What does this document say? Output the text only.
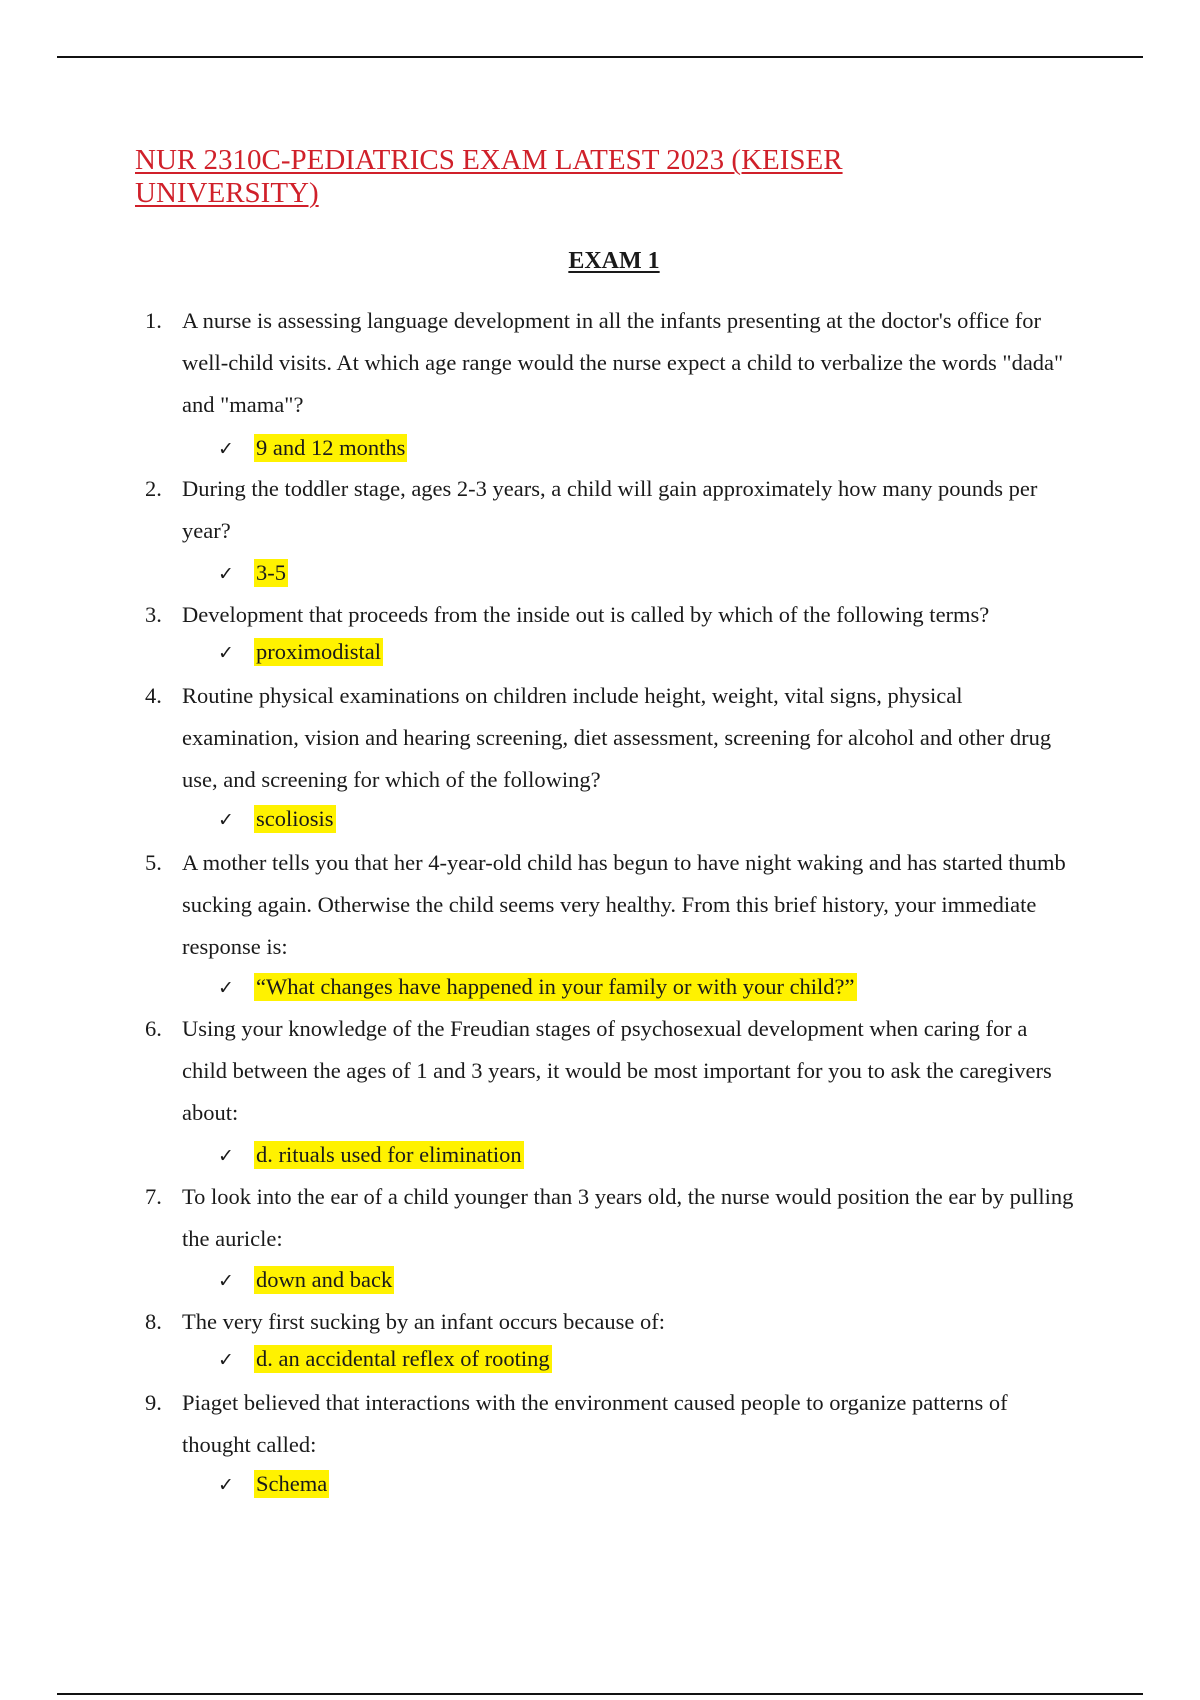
NUR 2310C-PEDIATRICS EXAM LATEST 2023 (KEISER UNIVERSITY)
EXAM 1
1. A nurse is assessing language development in all the infants presenting at the doctor's office for well-child visits. At which age range would the nurse expect a child to verbalize the words "dada" and "mama"?
✓ 9 and 12 months
2. During the toddler stage, ages 2-3 years, a child will gain approximately how many pounds per year?
✓ 3-5
3. Development that proceeds from the inside out is called by which of the following terms?
✓ proximodistal
4. Routine physical examinations on children include height, weight, vital signs, physical examination, vision and hearing screening, diet assessment, screening for alcohol and other drug use, and screening for which of the following?
✓ scoliosis
5. A mother tells you that her 4-year-old child has begun to have night waking and has started thumb sucking again. Otherwise the child seems very healthy. From this brief history, your immediate response is:
✓ “What changes have happened in your family or with your child?”
6. Using your knowledge of the Freudian stages of psychosexual development when caring for a child between the ages of 1 and 3 years, it would be most important for you to ask the caregivers about:
✓ d. rituals used for elimination
7. To look into the ear of a child younger than 3 years old, the nurse would position the ear by pulling the auricle:
✓ down and back
8. The very first sucking by an infant occurs because of:
✓ d. an accidental reflex of rooting
9. Piaget believed that interactions with the environment caused people to organize patterns of thought called:
✓ Schema
